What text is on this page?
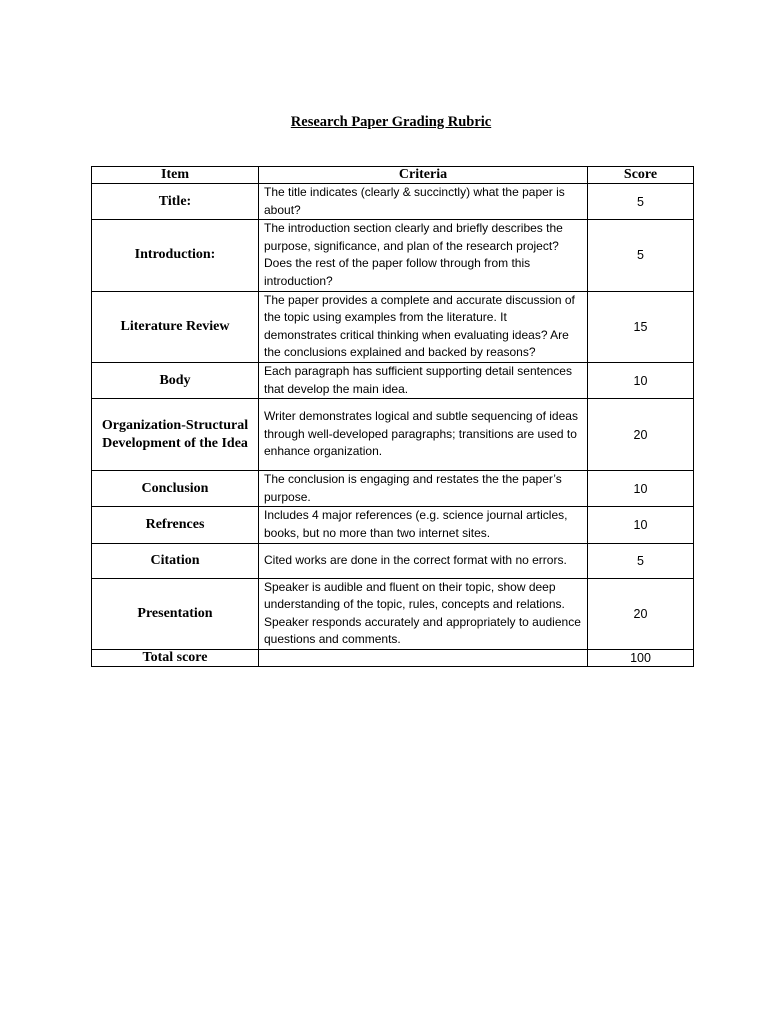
Research Paper Grading Rubric
Item	Criteria	Score
Title:	The title indicates (clearly & succinctly) what the paper is about?	5
Introduction:	The introduction section clearly and briefly describes the purpose, significance, and plan of the research project? Does the rest of the paper follow through from this introduction?	5
Literature Review	The paper provides a complete and accurate discussion of the topic using examples from the literature. It demonstrates critical thinking when evaluating ideas? Are the conclusions explained and backed by reasons?	15
Body	Each paragraph has sufficient supporting detail sentences that develop the main idea.	10
Organization-Structural Development of the Idea	Writer demonstrates logical and subtle sequencing of ideas through well-developed paragraphs; transitions are used to enhance organization.	20
Conclusion	The conclusion is engaging and restates the the paper’s purpose.	10
Refrences	Includes 4 major references (e.g. science journal articles, books, but no more than two internet sites.	10
Citation	Cited works are done in the correct format with no errors.	5
Presentation	Speaker is audible and fluent on their topic, show deep understanding of the topic, rules, concepts and relations. Speaker responds accurately and appropriately to audience questions and comments.	20
Total score		100
